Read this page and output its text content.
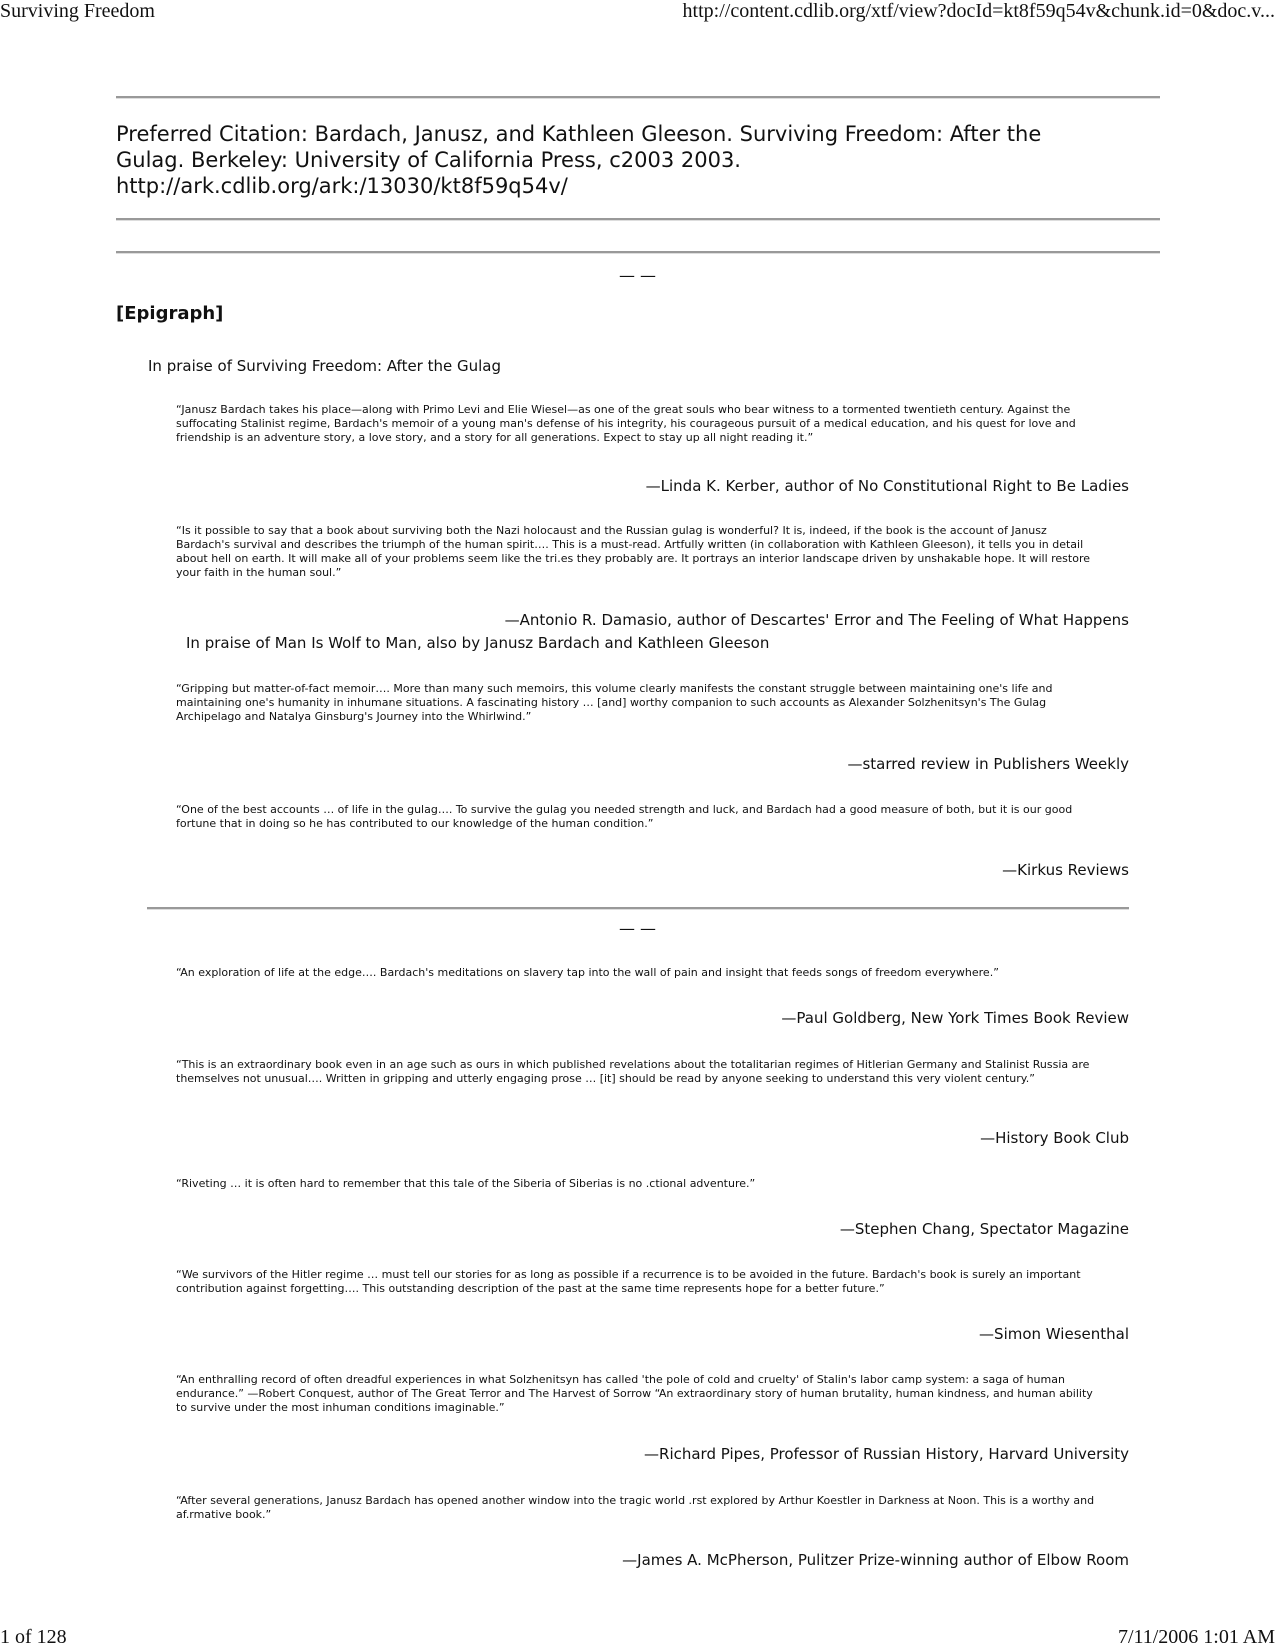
Surviving Freedom	http://content.cdlib.org/xtf/view?docId=kt8f59q54v&chunk.id=0&doc.v...
Preferred Citation: Bardach, Janusz, and Kathleen Gleeson. Surviving Freedom: After the
Gulag. Berkeley: University of California Press, c2003 2003.
http://ark.cdlib.org/ark:/13030/kt8f59q54v/
— —
[Epigraph]
In praise of Surviving Freedom: After the Gulag
“Janusz Bardach takes his place—along with Primo Levi and Elie Wiesel—as one of the great souls who bear witness to a tormented twentieth century. Against the suffocating Stalinist regime, Bardach's memoir of a young man's defense of his integrity, his courageous pursuit of a medical education, and his quest for love and friendship is an adventure story, a love story, and a story for all generations. Expect to stay up all night reading it.”
—Linda K. Kerber, author of No Constitutional Right to Be Ladies
“Is it possible to say that a book about surviving both the Nazi holocaust and the Russian gulag is wonderful? It is, indeed, if the book is the account of Janusz Bardach's survival and describes the triumph of the human spirit…. This is a must-read. Artfully written (in collaboration with Kathleen Gleeson), it tells you in detail about hell on earth. It will make all of your problems seem like the tri.es they probably are. It portrays an interior landscape driven by unshakable hope. It will restore your faith in the human soul.”
—Antonio R. Damasio, author of Descartes' Error and The Feeling of What Happens
In praise of Man Is Wolf to Man, also by Janusz Bardach and Kathleen Gleeson
“Gripping but matter-of-fact memoir…. More than many such memoirs, this volume clearly manifests the constant struggle between maintaining one's life and maintaining one's humanity in inhumane situations. A fascinating history … [and] worthy companion to such accounts as Alexander Solzhenitsyn's The Gulag Archipelago and Natalya Ginsburg's Journey into the Whirlwind.”
—starred review in Publishers Weekly
“One of the best accounts … of life in the gulag…. To survive the gulag you needed strength and luck, and Bardach had a good measure of both, but it is our good fortune that in doing so he has contributed to our knowledge of the human condition.”
—Kirkus Reviews
— —
“An exploration of life at the edge…. Bardach's meditations on slavery tap into the wall of pain and insight that feeds songs of freedom everywhere.”
—Paul Goldberg, New York Times Book Review
“This is an extraordinary book even in an age such as ours in which published revelations about the totalitarian regimes of Hitlerian Germany and Stalinist Russia are themselves not unusual…. Written in gripping and utterly engaging prose … [it] should be read by anyone seeking to understand this very violent century.”
—History Book Club
“Riveting … it is often hard to remember that this tale of the Siberia of Siberias is no .ctional adventure.”
—Stephen Chang, Spectator Magazine
“We survivors of the Hitler regime … must tell our stories for as long as possible if a recurrence is to be avoided in the future. Bardach's book is surely an important contribution against forgetting…. This outstanding description of the past at the same time represents hope for a better future.”
—Simon Wiesenthal
“An enthralling record of often dreadful experiences in what Solzhenitsyn has called 'the pole of cold and cruelty' of Stalin's labor camp system: a saga of human endurance.” —Robert Conquest, author of The Great Terror and The Harvest of Sorrow “An extraordinary story of human brutality, human kindness, and human ability to survive under the most inhuman conditions imaginable.”
—Richard Pipes, Professor of Russian History, Harvard University
“After several generations, Janusz Bardach has opened another window into the tragic world .rst explored by Arthur Koestler in Darkness at Noon. This is a worthy and af.rmative book.”
—James A. McPherson, Pulitzer Prize-winning author of Elbow Room
1 of 128	7/11/2006 1:01 AM
